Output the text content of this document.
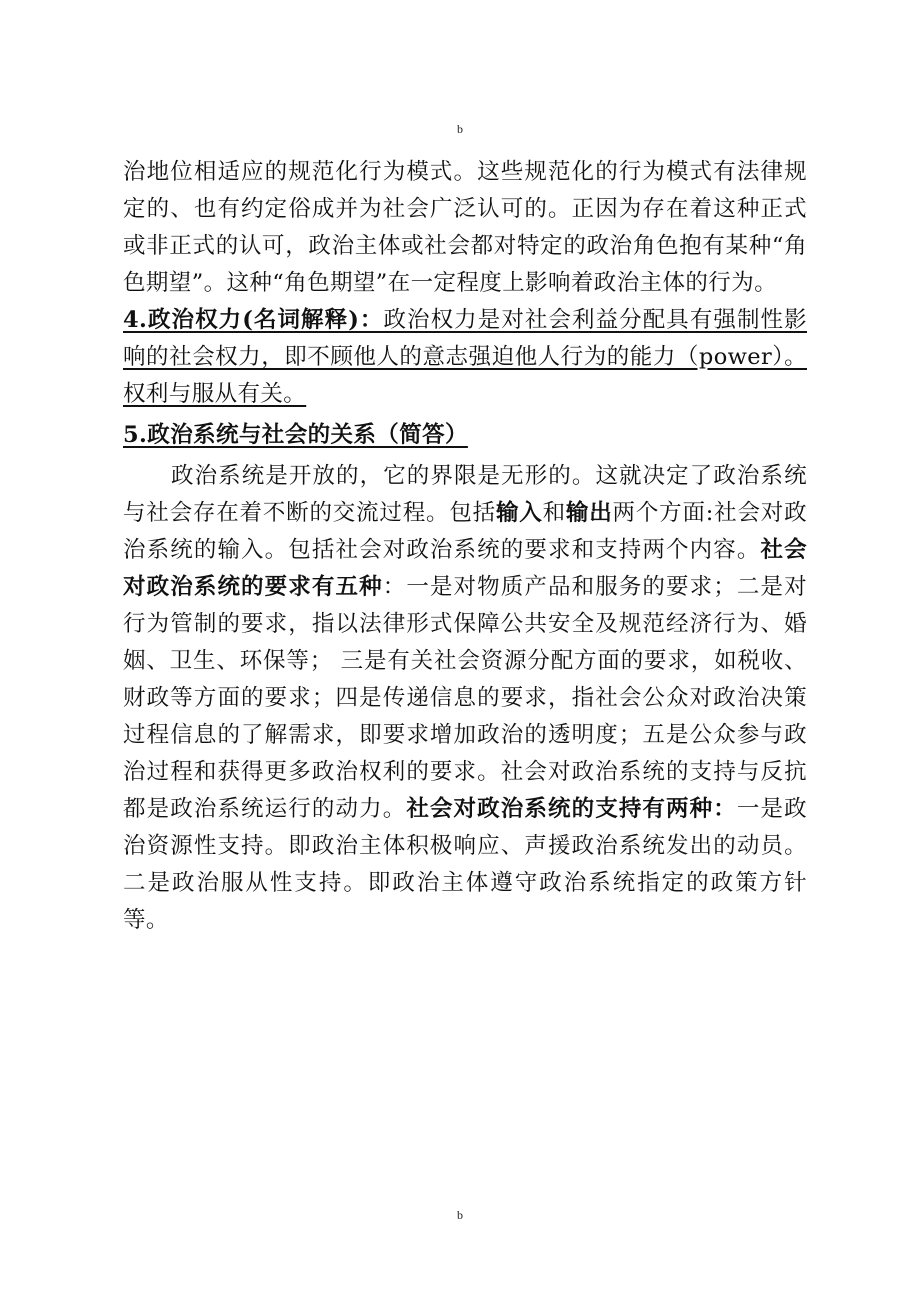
b

治地位相适应的规范化行为模式。这些规范化的行为模式有法律规定的、也有约定俗成并为社会广泛认可的。正因为存在着这种正式或非正式的认可，政治主体或社会都对特定的政治角色抱有某种“角色期望”。这种“角色期望”在一定程度上影响着政治主体的行为。

4.政治权力(名词解释)：政治权力是对社会利益分配具有强制性影响的社会权力，即不顾他人的意志强迫他人行为的能力（power）。权利与服从有关。

5.政治系统与社会的关系（简答）

政治系统是开放的，它的界限是无形的。这就决定了政治系统与社会存在着不断的交流过程。包括输入和输出两个方面:社会对政治系统的输入。包括社会对政治系统的要求和支持两个内容。社会对政治系统的要求有五种：一是对物质产品和服务的要求；二是对行为管制的要求，指以法律形式保障公共安全及规范经济行为、婚姻、卫生、环保等； 三是有关社会资源分配方面的要求，如税收、财政等方面的要求；四是传递信息的要求，指社会公众对政治决策过程信息的了解需求，即要求增加政治的透明度；五是公众参与政治过程和获得更多政治权利的要求。社会对政治系统的支持与反抗都是政治系统运行的动力。社会对政治系统的支持有两种：一是政治资源性支持。即政治主体积极响应、声援政治系统发出的动员。二是政治服从性支持。即政治主体遵守政治系统指定的政策方针等。

b
